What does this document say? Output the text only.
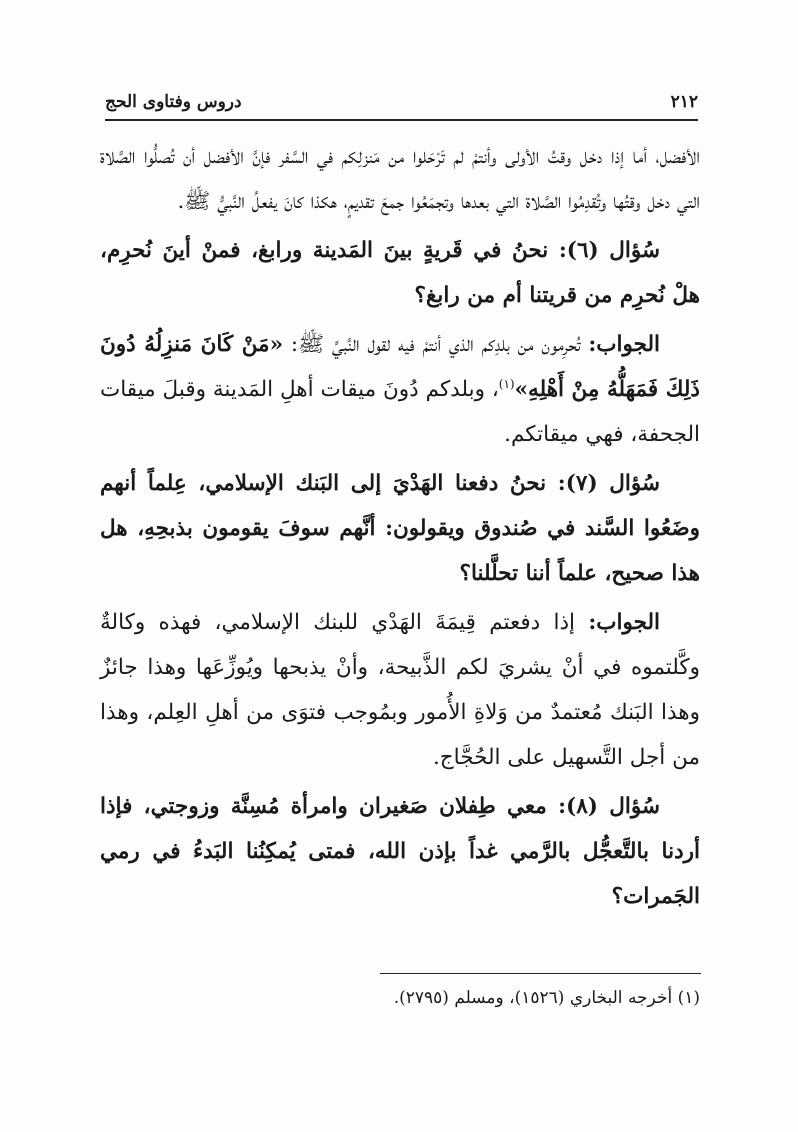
٢١٢
دروس وفتاوى الحج

الأفضل، أما إذا دخل وقتُ الأولى وأنتمْ لم تَرْحَلوا من مَنزلِكم في السَّفر فإنَّ الأفضل أن تُصلُّوا الصَّلاة التي دخل وقتُها وتُقدِمُوا الصَّلاة التي بعدها وتجمَعُوا جمعَ تقديمٍ، هكذا كانَ يفعلُ النَّبيُّ ﷺ.

سُؤال (٦): نحنُ في قَريةٍ بينَ المَدينة ورابغ، فمنْ أينَ نُحرِم، هلْ نُحرِم من قريتنا أم من رابغ؟

الجواب: تُحرِمون من بلدِكم الذي أنتمْ فيه لقول النَّبيِّ ﷺ: «مَنْ كَانَ مَنزِلُهُ دُونَ ذَلِكَ فَمَهَلُّهُ مِنْ أَهْلِهِ»$^{(١)}$، وبلدكم دُونَ ميقات أهلِ المَدينة وقبلَ ميقات الجحفة، فهي ميقاتكم.

سُؤال (٧): نحنُ دفعنا الهَدْيَ إلى البَنك الإسلامي، عِلماً أنهم وضَعُوا السَّند في صُندوق ويقولون: أنَّهم سوفَ يقومون بذبحِهِ، هل هذا صحيح، علماً أننا تحلَّلنا؟

الجواب: إذا دفعتم قِيمَةَ الهَدْي للبنك الإسلامي، فهذه وكالةٌ وكَّلتموه في أنْ يشريَ لكم الذَّبيحة، وأنْ يذبحها ويُوزِّعَها وهذا جائزٌ وهذا البَنك مُعتمدٌ من وَلاةِ الأُمور وبمُوجب فتوَى من أهلِ العِلم، وهذا من أجل التَّسهيل على الحُجَّاج.

سُؤال (٨): معي طِفلان صَغيران وامرأة مُسِنَّة وزوجتي، فإذا أردنا بالتَّعجُّل بالرَّمي غداً بإذن الله، فمتى يُمكِنُنا البَدءُ في رمي الجَمرات؟

(١) أخرجه البخاري (١٥٢٦)، ومسلم (٢٧٩٥).
